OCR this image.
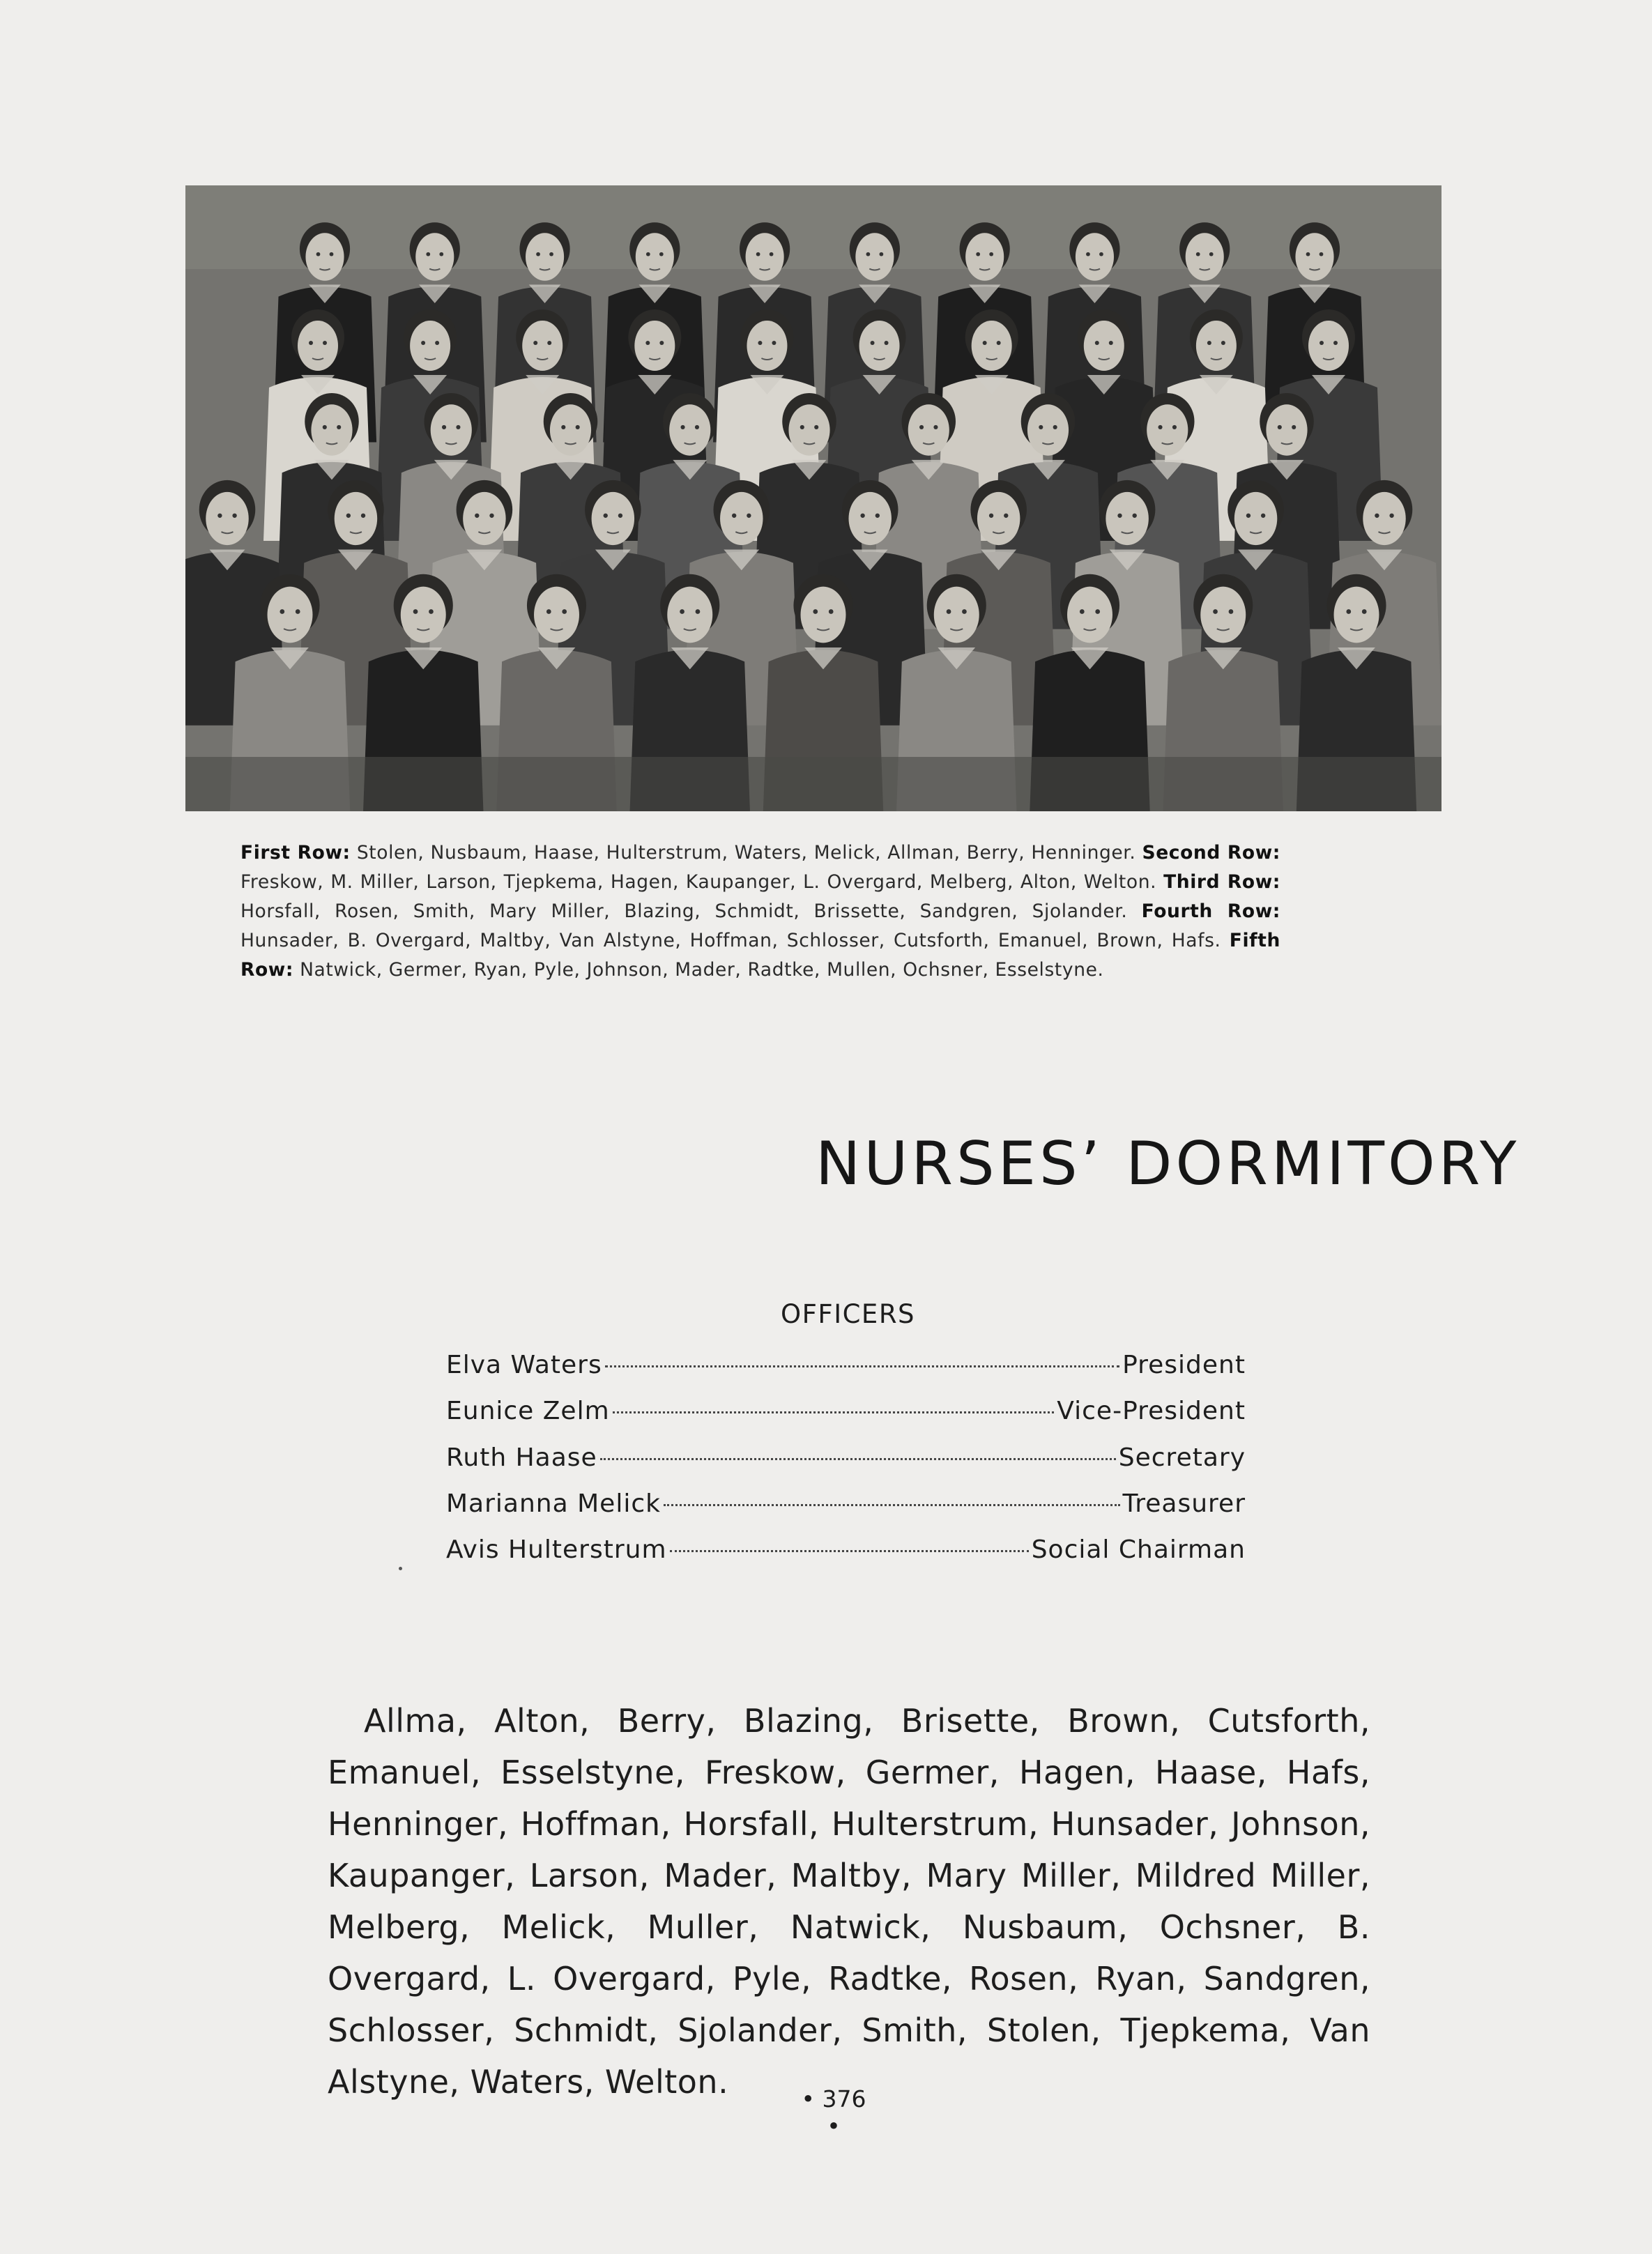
First Row: Stolen, Nusbaum, Haase, Hulterstrum, Waters, Melick, Allman, Berry, Henninger. Second Row: Freskow, M. Miller, Larson, Tjepkema, Hagen, Kaupanger, L. Overgard, Melberg, Alton, Welton. Third Row: Horsfall, Rosen, Smith, Mary Miller, Blazing, Schmidt, Brissette, Sandgren, Sjolander. Fourth Row: Hunsader, B. Overgard, Maltby, Van Alstyne, Hoffman, Schlosser, Cutsforth, Emanuel, Brown, Hafs. Fifth Row: Natwick, Germer, Ryan, Pyle, Johnson, Mader, Radtke, Mullen, Ochsner, Esselstyne.
NURSES’ DORMITORY
OFFICERS
Elva Waters	President
Eunice Zelm	Vice-President
Ruth Haase	Secretary
Marianna Melick	Treasurer
Avis Hulterstrum	Social Chairman

Allma, Alton, Berry, Blazing, Brisette, Brown, Cutsforth, Emanuel, Esselstyne, Freskow, Germer, Hagen, Haase, Hafs, Henninger, Hoffman, Horsfall, Hulterstrum, Hunsader, Johnson, Kaupanger, Larson, Mader, Maltby, Mary Miller, Mildred Miller, Melberg, Melick, Muller, Natwick, Nusbaum, Ochsner, B. Overgard, L. Overgard, Pyle, Radtke, Rosen, Ryan, Sandgren, Schlosser, Schmidt, Sjolander, Smith, Stolen, Tjepkema, Van Alstyne, Waters, Welton.	• 376 •
